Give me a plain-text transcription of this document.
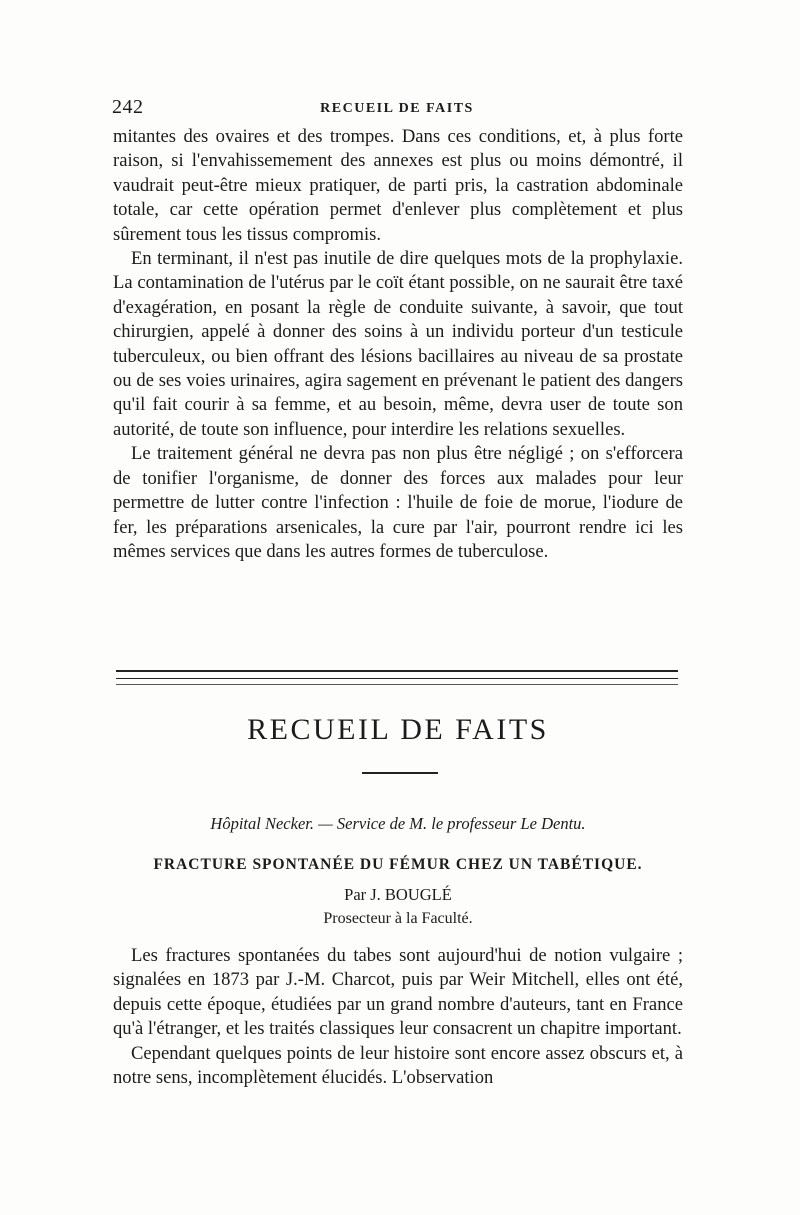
242	RECUEIL DE FAITS

mitantes des ovaires et des trompes. Dans ces conditions, et, à plus forte raison, si l'envahissemement des annexes est plus ou moins démontré, il vaudrait peut-être mieux pratiquer, de parti pris, la castration abdominale totale, car cette opération permet d'enlever plus complètement et plus sûrement tous les tissus compromis.

En terminant, il n'est pas inutile de dire quelques mots de la prophylaxie. La contamination de l'utérus par le coït étant possible, on ne saurait être taxé d'exagération, en posant la règle de conduite suivante, à savoir, que tout chirurgien, appelé à donner des soins à un individu porteur d'un testicule tuberculeux, ou bien offrant des lésions bacillaires au niveau de sa prostate ou de ses voies urinaires, agira sagement en prévenant le patient des dangers qu'il fait courir à sa femme, et au besoin, même, devra user de toute son autorité, de toute son influence, pour interdire les relations sexuelles.

Le traitement général ne devra pas non plus être négligé ; on s'efforcera de tonifier l'organisme, de donner des forces aux malades pour leur permettre de lutter contre l'infection : l'huile de foie de morue, l'iodure de fer, les préparations arsenicales, la cure par l'air, pourront rendre ici les mêmes services que dans les autres formes de tuberculose.

RECUEIL DE FAITS
Hôpital Necker. — Service de M. le professeur Le Dentu.
FRACTURE SPONTANÉE DU FÉMUR CHEZ UN TABÉTIQUE.
Par J. BOUGLÉ
Prosecteur à la Faculté.

Les fractures spontanées du tabes sont aujourd'hui de notion vulgaire ; signalées en 1873 par J.-M. Charcot, puis par Weir Mitchell, elles ont été, depuis cette époque, étudiées par un grand nombre d'auteurs, tant en France qu'à l'étranger, et les traités classiques leur consacrent un chapitre important.

Cependant quelques points de leur histoire sont encore assez obscurs et, à notre sens, incomplètement élucidés. L'observation
